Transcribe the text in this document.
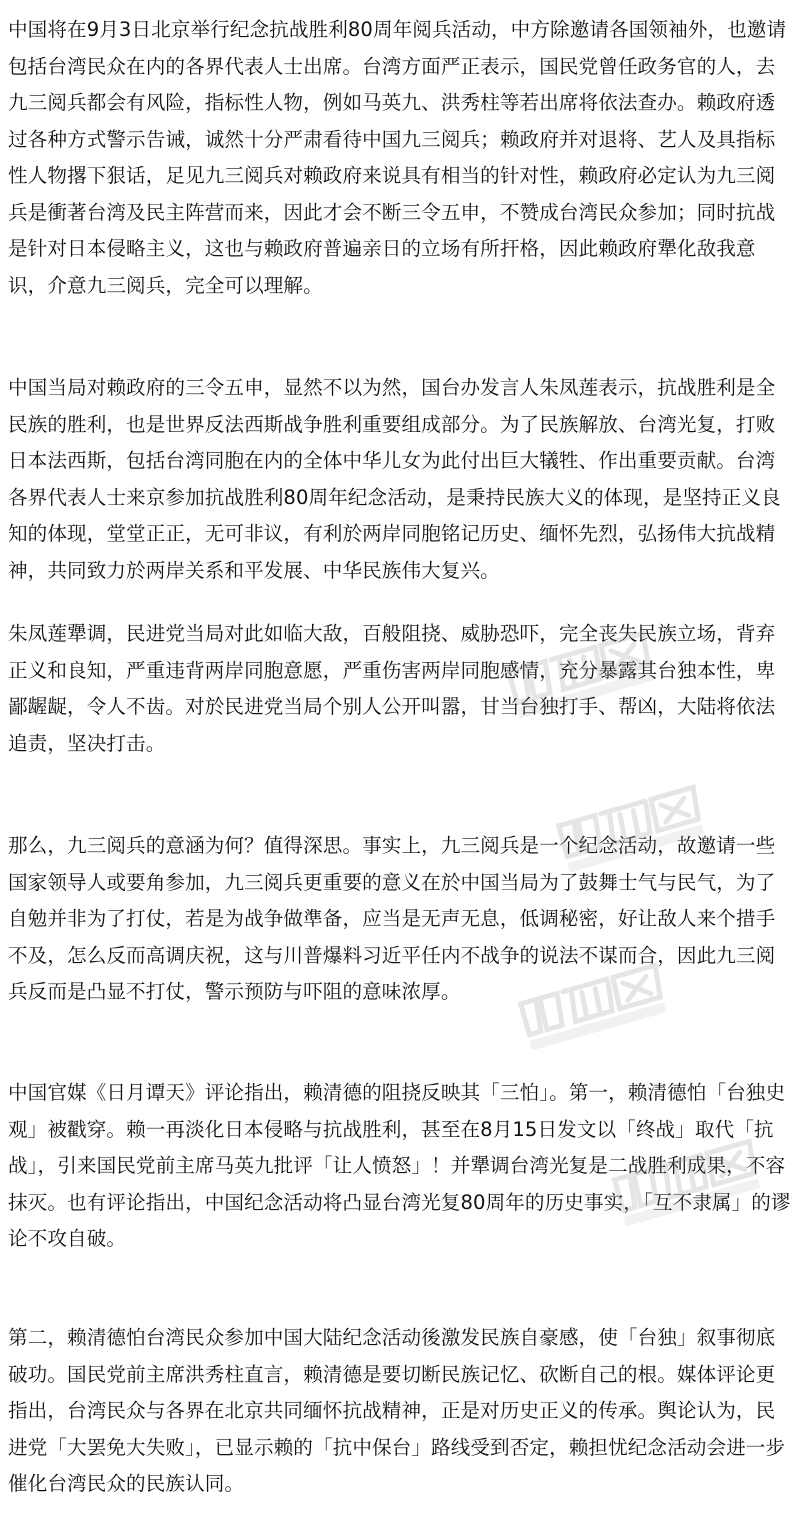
中国将在9月3日北京举行纪念抗战胜利80周年阅兵活动，中方除邀请各国领袖外，也邀请包括台湾民众在内的各界代表人士出席。台湾方面严正表示，国民党曾任政务官的人，去九三阅兵都会有风险，指标性人物，例如马英九、洪秀柱等若出席将依法查办。赖政府透过各种方式警示告诫，诚然十分严肃看待中国九三阅兵；赖政府并对退将、艺人及具指标性人物撂下狠话，足见九三阅兵对赖政府来说具有相当的针对性，赖政府必定认为九三阅兵是衝著台湾及民主阵营而来，因此才会不断三令五申，不赞成台湾民众参加；同时抗战是针对日本侵略主义，这也与赖政府普遍亲日的立场有所扞格，因此赖政府犟化敌我意识，介意九三阅兵，完全可以理解。

中国当局对赖政府的三令五申，显然不以为然，国台办发言人朱凤莲表示，抗战胜利是全民族的胜利，也是世界反法西斯战争胜利重要组成部分。为了民族解放、台湾光复，打败日本法西斯，包括台湾同胞在内的全体中华儿女为此付出巨大犠牲、作出重要贡献。台湾各界代表人士来京参加抗战胜利80周年纪念活动，是秉持民族大义的体现，是坚持正义良知的体现，堂堂正正，无可非议，有利於两岸同胞铭记历史、缅怀先烈，弘扬伟大抗战精神，共同致力於两岸关系和平发展、中华民族伟大复兴。

朱凤莲犟调，民进党当局对此如临大敌，百般阻挠、威胁恐吓，完全丧失民族立场，背弃正义和良知，严重违背两岸同胞意愿，严重伤害两岸同胞感情，充分暴露其台独本性，卑鄙龌龊，令人不齿。对於民进党当局个别人公开叫嚣，甘当台独打手、帮凶，大陆将依法追责，坚决打击。

那么，九三阅兵的意涵为何？值得深思。事实上，九三阅兵是一个纪念活动，故邀请一些国家领导人或要角参加，九三阅兵更重要的意义在於中国当局为了鼓舞士气与民气，为了自勉并非为了打仗，若是为战争做準备，应当是无声无息，低调秘密，好让敌人来个措手不及，怎么反而高调庆祝，这与川普爆料习近平任内不战争的说法不谋而合，因此九三阅兵反而是凸显不打仗，警示预防与吓阻的意味浓厚。

中国官媒《日月谭天》评论指出，赖清德的阻挠反映其「三怕」。第一，赖清德怕「台独史观」被戳穿。赖一再淡化日本侵略与抗战胜利，甚至在8月15日发文以「终战」取代「抗战」，引来国民党前主席马英九批评「让人愤怒」！并犟调台湾光复是二战胜利成果，不容抹灭。也有评论指出，中国纪念活动将凸显台湾光复80周年的历史事实，「互不隶属」的谬论不攻自破。

第二，赖清德怕台湾民众参加中国大陆纪念活动後激发民族自豪感，使「台独」叙事彻底破功。国民党前主席洪秀柱直言，赖清德是要切断民族记忆、砍断自己的根。媒体评论更指出，台湾民众与各界在北京共同缅怀抗战精神，正是对历史正义的传承。舆论认为，民进党「大罢免大失败」，已显示赖的「抗中保台」路线受到否定，赖担忧纪念活动会进一步催化台湾民众的民族认同。
